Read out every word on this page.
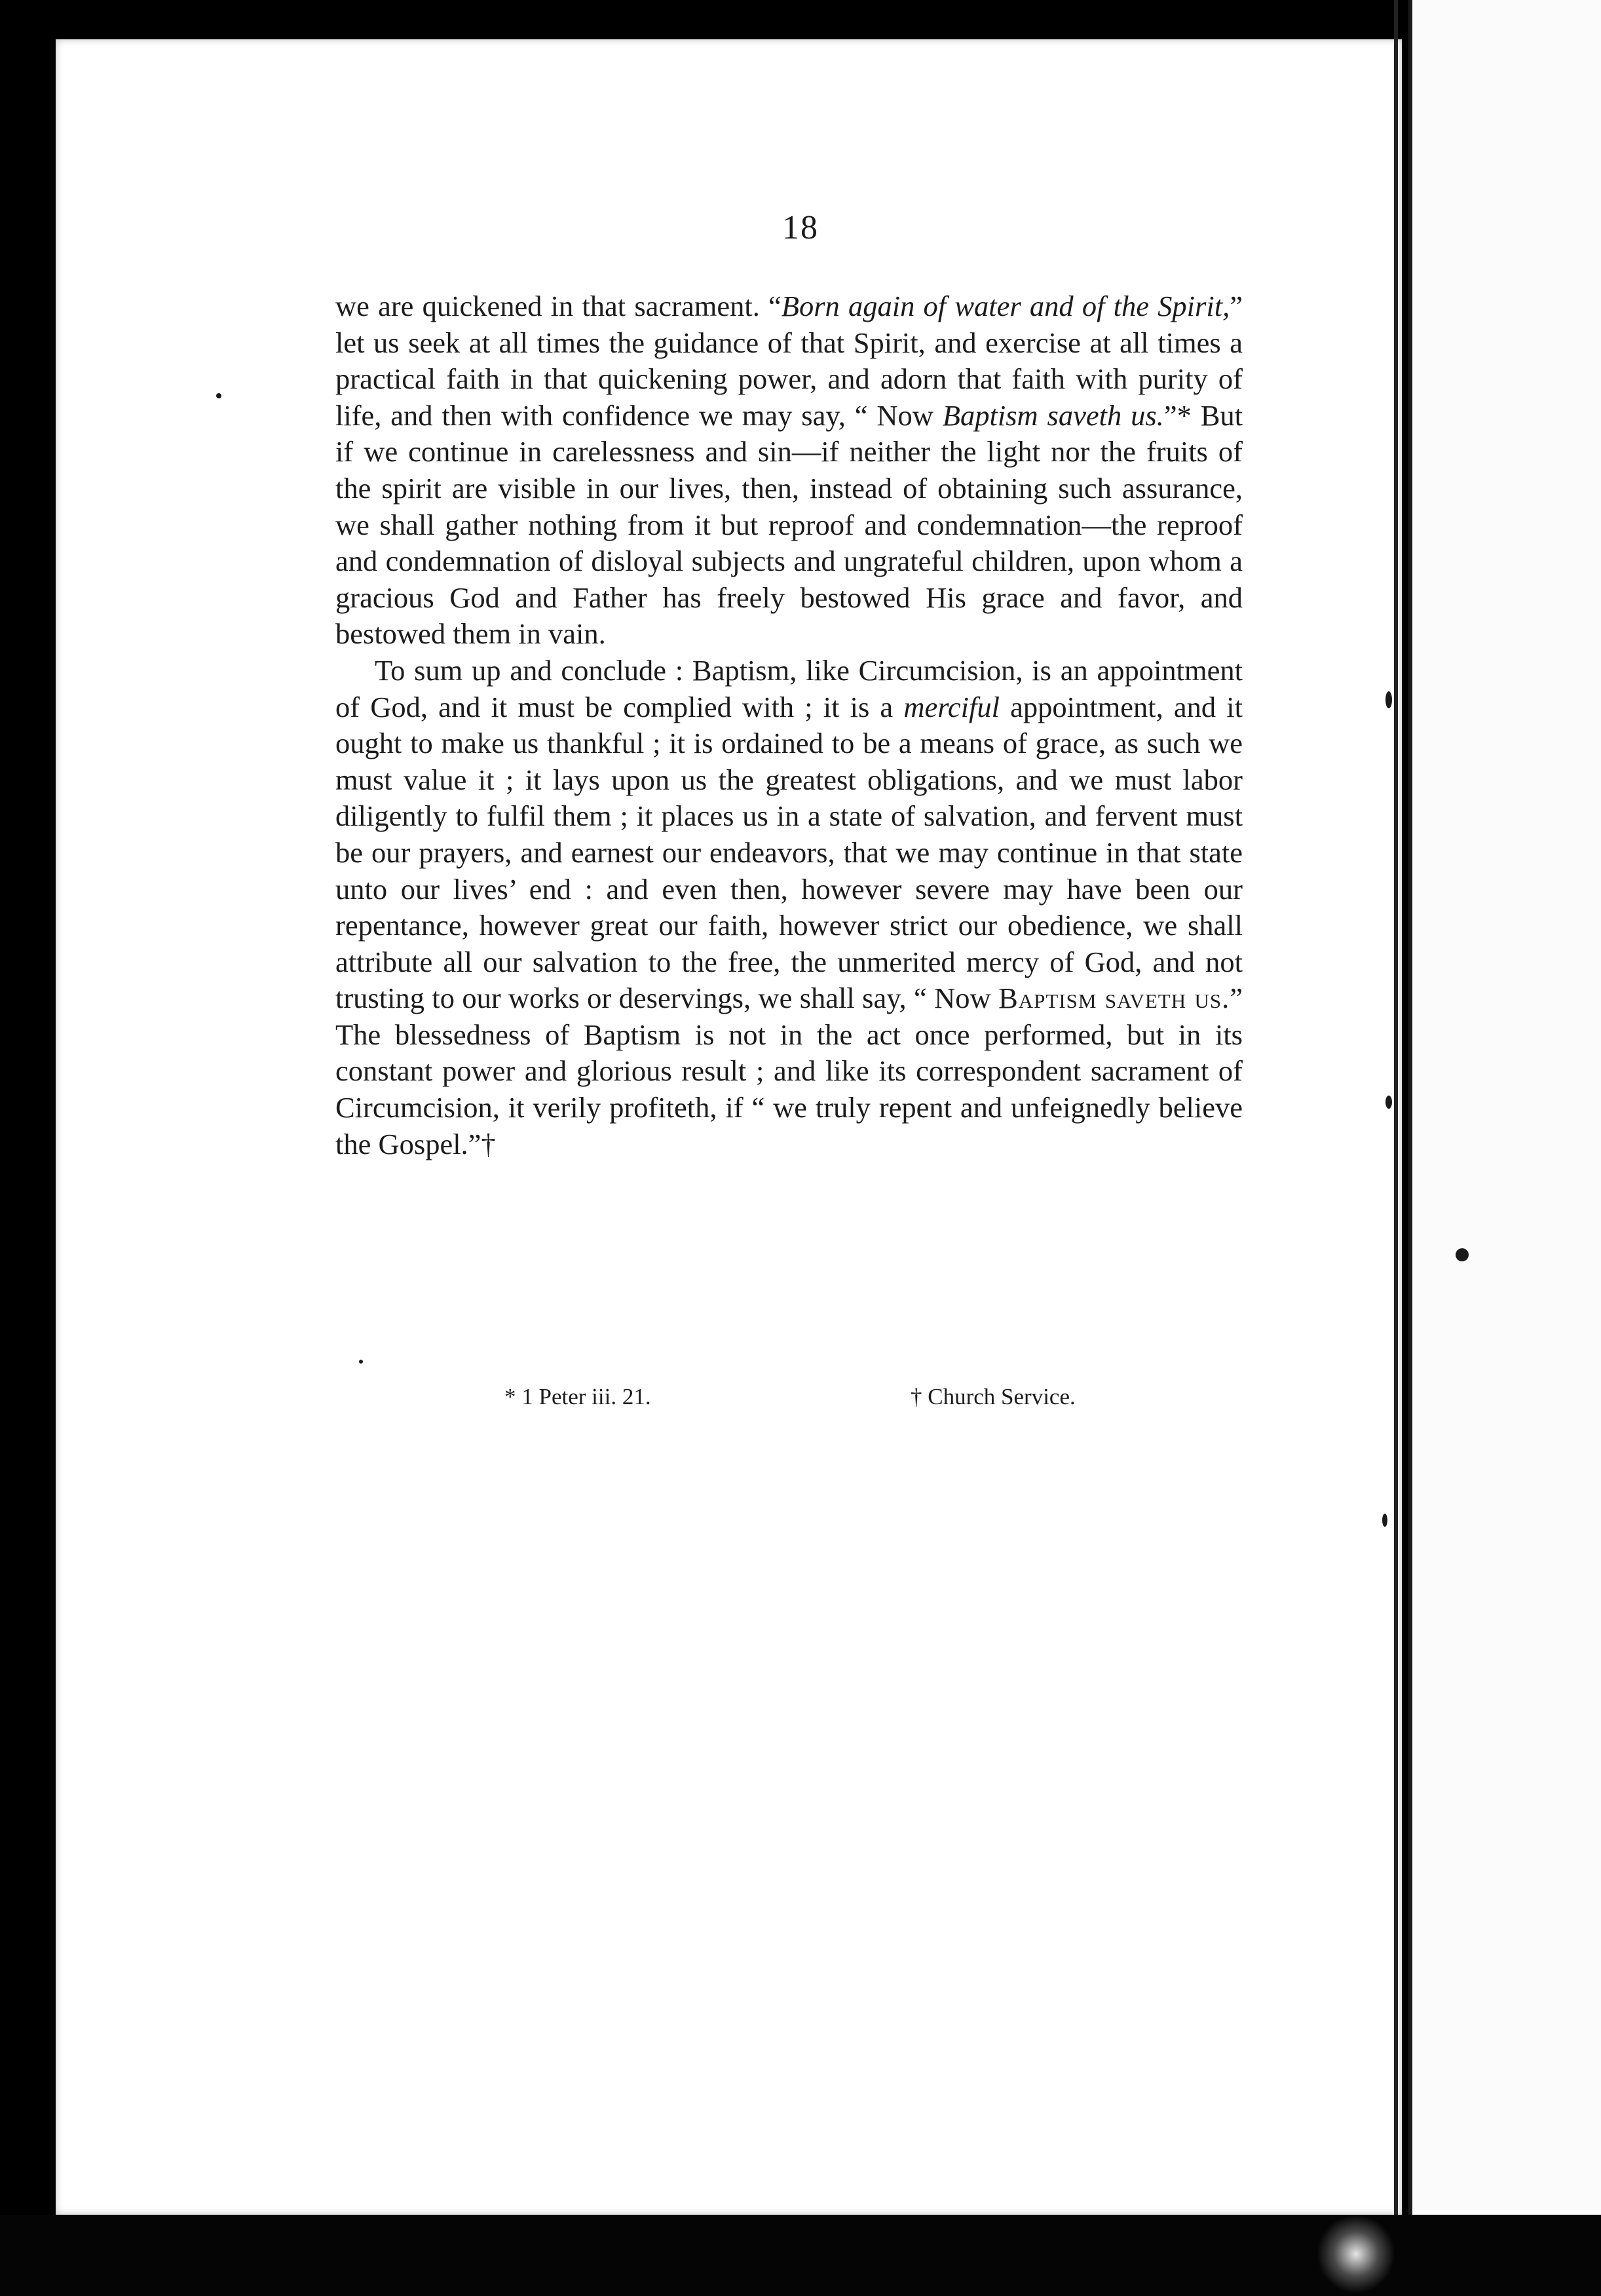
18

we are quickened in that sacrament. “Born again of water and of the Spirit,” let us seek at all times the guidance of that Spirit, and exercise at all times a practical faith in that quickening power, and adorn that faith with purity of life, and then with confidence we may say, “ Now Baptism saveth us.”* But if we continue in carelessness and sin—if neither the light nor the fruits of the spirit are visible in our lives, then, instead of obtaining such assurance, we shall gather nothing from it but reproof and condemnation—the reproof and condemnation of disloyal subjects and ungrateful children, upon whom a gracious God and Father has freely bestowed His grace and favor, and bestowed them in vain.

To sum up and conclude : Baptism, like Circumcision, is an appointment of God, and it must be complied with ; it is a merciful appointment, and it ought to make us thankful ; it is ordained to be a means of grace, as such we must value it ; it lays upon us the greatest obligations, and we must labor diligently to fulfil them ; it places us in a state of salvation, and fervent must be our prayers, and earnest our endeavors, that we may continue in that state unto our lives’ end : and even then, however severe may have been our repentance, however great our faith, however strict our obedience, we shall attribute all our salvation to the free, the unmerited mercy of God, and not trusting to our works or deservings, we shall say, “ Now Baptism saveth us.” The blessedness of Baptism is not in the act once performed, but in its constant power and glorious result ; and like its correspondent sacrament of Circumcision, it verily profiteth, if “ we truly repent and unfeignedly believe the Gospel.”†

* 1 Peter iii. 21.	† Church Service.
